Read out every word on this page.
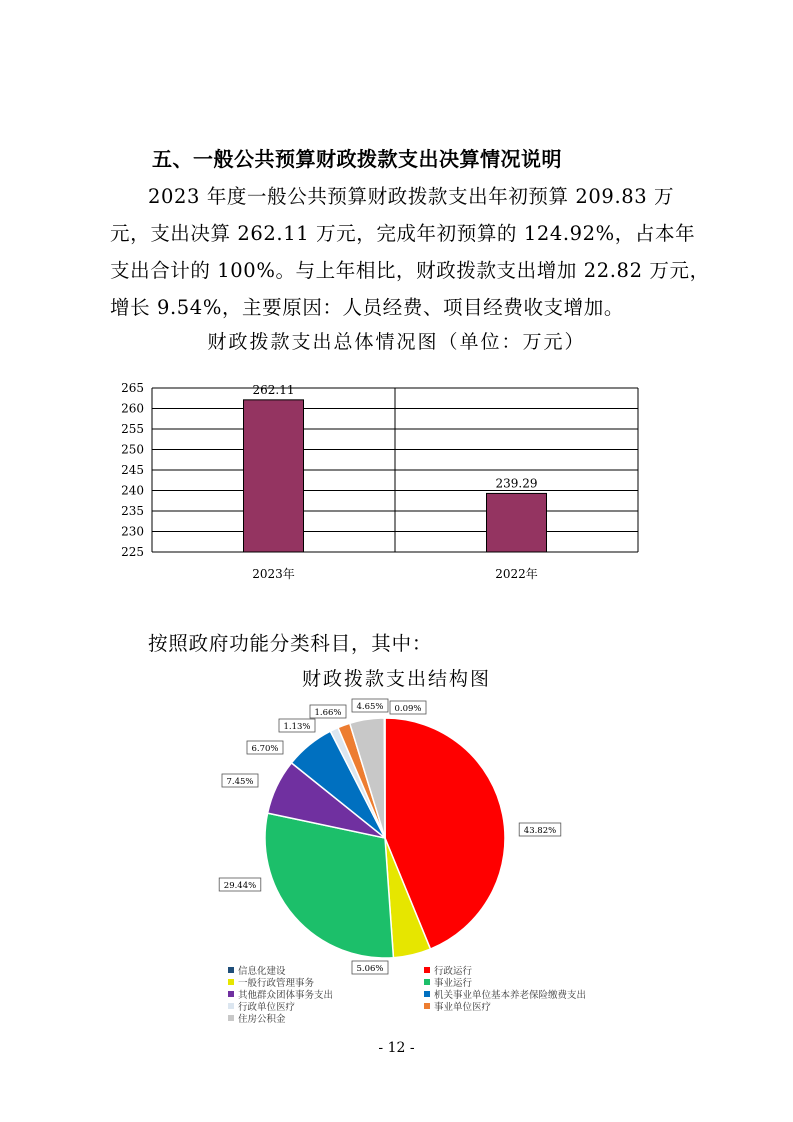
五、一般公共预算财政拨款支出决算情况说明
2023 年度一般公共预算财政拨款支出年初预算 209.83 万
元，支出决算 262.11 万元，完成年初预算的 124.92%，占本年
支出合计的 100%。与上年相比，财政拨款支出增加 22.82 万元，
增长 9.54%，主要原因：人员经费、项目经费收支增加。
财政拨款支出总体情况图（单位：万元）
225
230
235
240
245
250
255
260
265	262.11
2023年
239.29
2022年
按照政府功能分类科目，其中：
财政拨款支出结构图
43.82%
5.06%
29.44%
7.45%
6.70%
1.13%
1.66%
4.65% 0.09%
信息化建设	行政运行
一般行政管理事务	事业运行
其他群众团体事务支出	机关事业单位基本养老保险缴费支出
行政单位医疗	事业单位医疗
住房公积金
- 12 -
